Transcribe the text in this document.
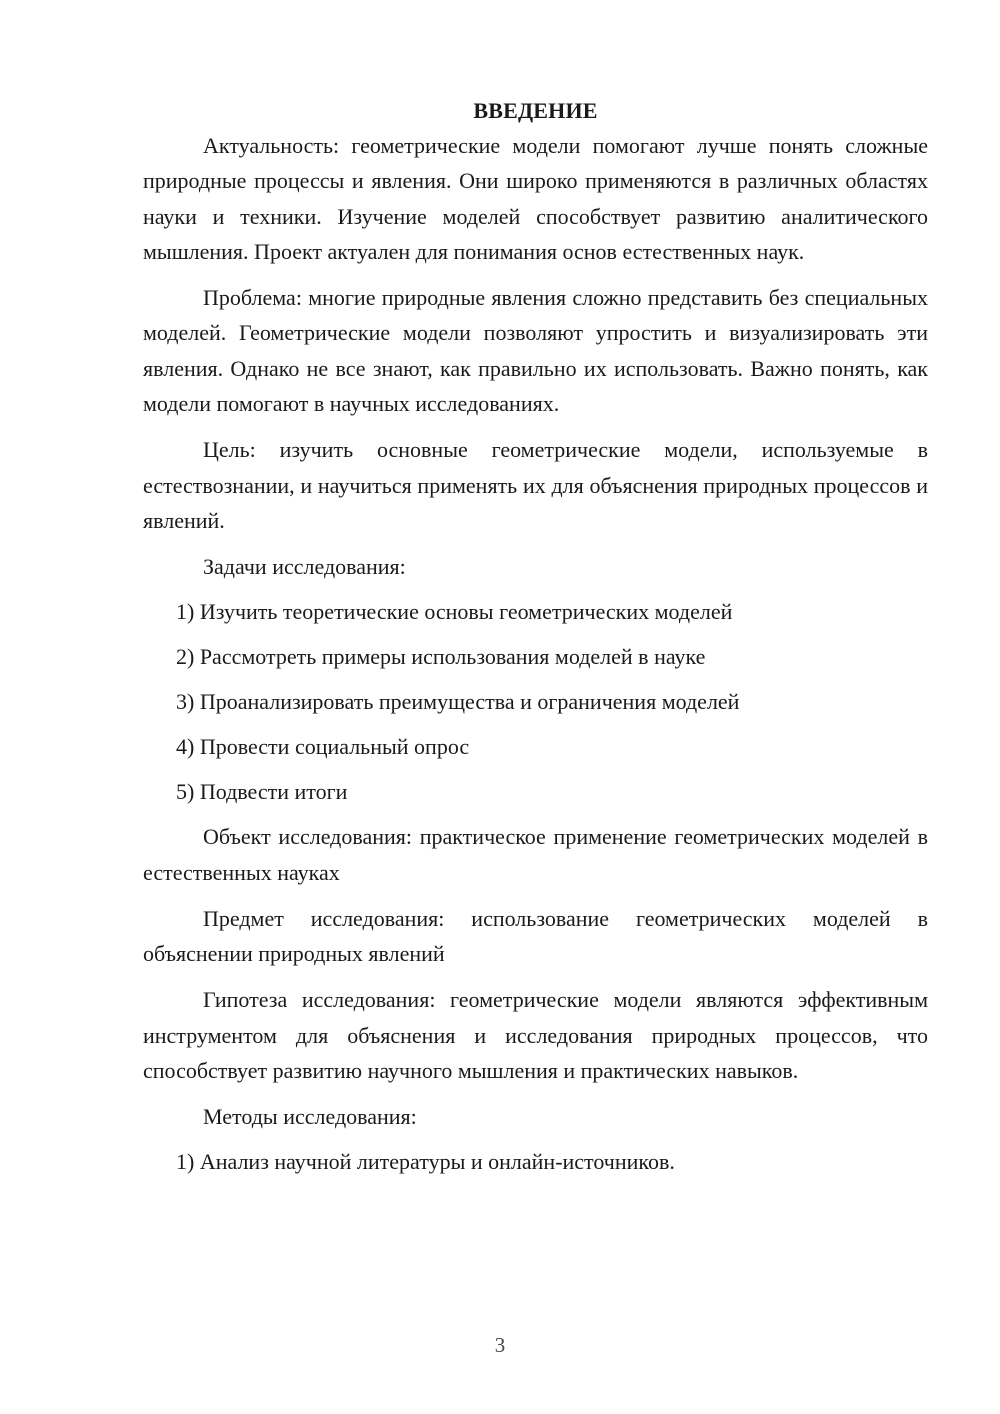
ВВЕДЕНИЕ

Актуальность: геометрические модели помогают лучше понять сложные природные процессы и явления. Они широко применяются в различных областях науки и техники. Изучение моделей способствует развитию аналитического мышления. Проект актуален для понимания основ естественных наук.

Проблема: многие природные явления сложно представить без специальных моделей. Геометрические модели позволяют упростить и визуализировать эти явления. Однако не все знают, как правильно их использовать. Важно понять, как модели помогают в научных исследованиях.

Цель: изучить основные геометрические модели, используемые в естествознании, и научиться применять их для объяснения природных процессов и явлений.

Задачи исследования:

1) Изучить теоретические основы геометрических моделей

2) Рассмотреть примеры использования моделей в науке

3) Проанализировать преимущества и ограничения моделей

4) Провести социальный опрос

5) Подвести итоги

Объект исследования: практическое применение геометрических моделей в естественных науках

Предмет исследования: использование геометрических моделей в объяснении природных явлений

Гипотеза исследования: геометрические модели являются эффективным инструментом для объяснения и исследования природных процессов, что способствует развитию научного мышления и практических навыков.

Методы исследования:

1) Анализ научной литературы и онлайн-источников.

3
